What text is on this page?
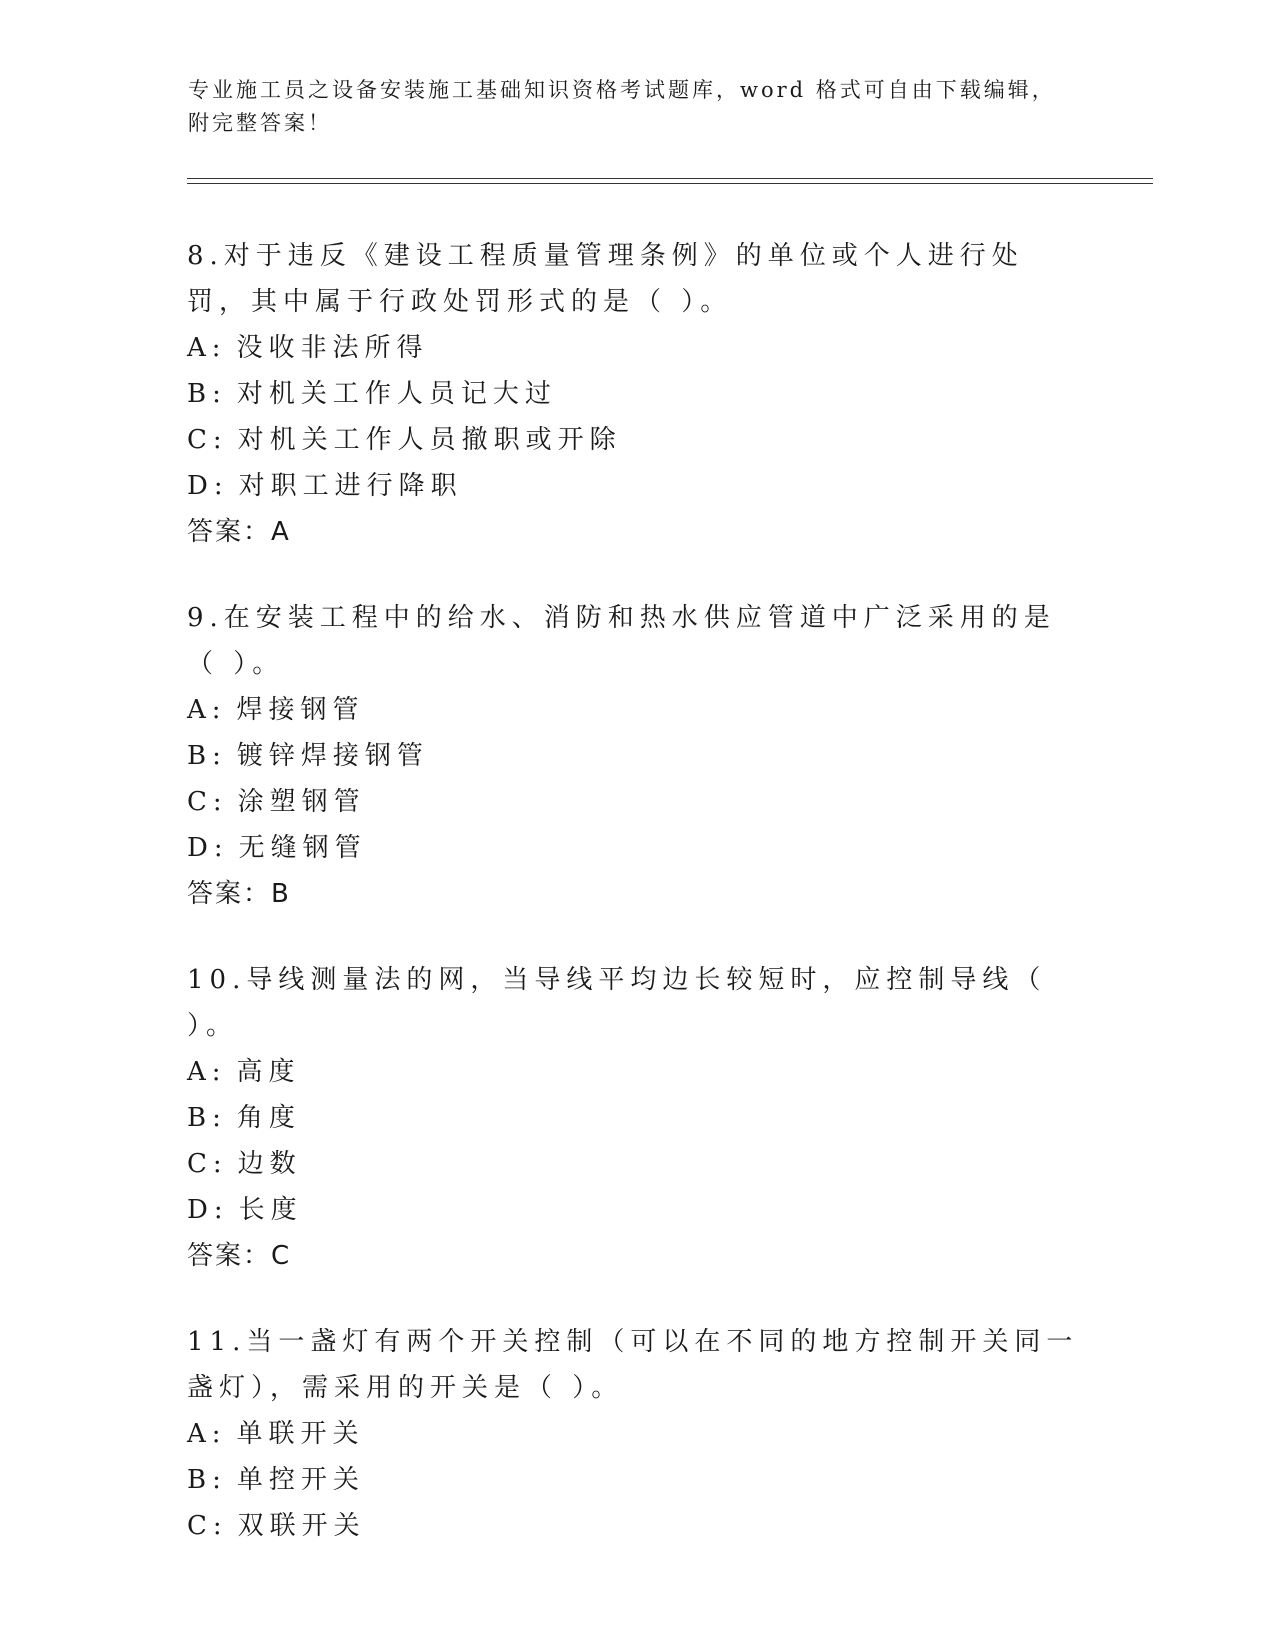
专业施工员之设备安装施工基础知识资格考试题库，word 格式可自由下载编辑，
附完整答案！
8.对于违反《建设工程质量管理条例》的单位或个人进行处罚，其中属于行政处罚形式的是（ ）。
A: 没收非法所得
B: 对机关工作人员记大过
C: 对机关工作人员撤职或开除
D: 对职工进行降职
答案：A
9.在安装工程中的给水、消防和热水供应管道中广泛采用的是（ ）。
A: 焊接钢管
B: 镀锌焊接钢管
C: 涂塑钢管
D: 无缝钢管
答案：B
10.导线测量法的网，当导线平均边长较短时，应控制导线（ ）。
A: 高度
B: 角度
C: 边数
D: 长度
答案：C
11.当一盏灯有两个开关控制（可以在不同的地方控制开关同一盏灯），需采用的开关是（ ）。
A: 单联开关
B: 单控开关
C: 双联开关
